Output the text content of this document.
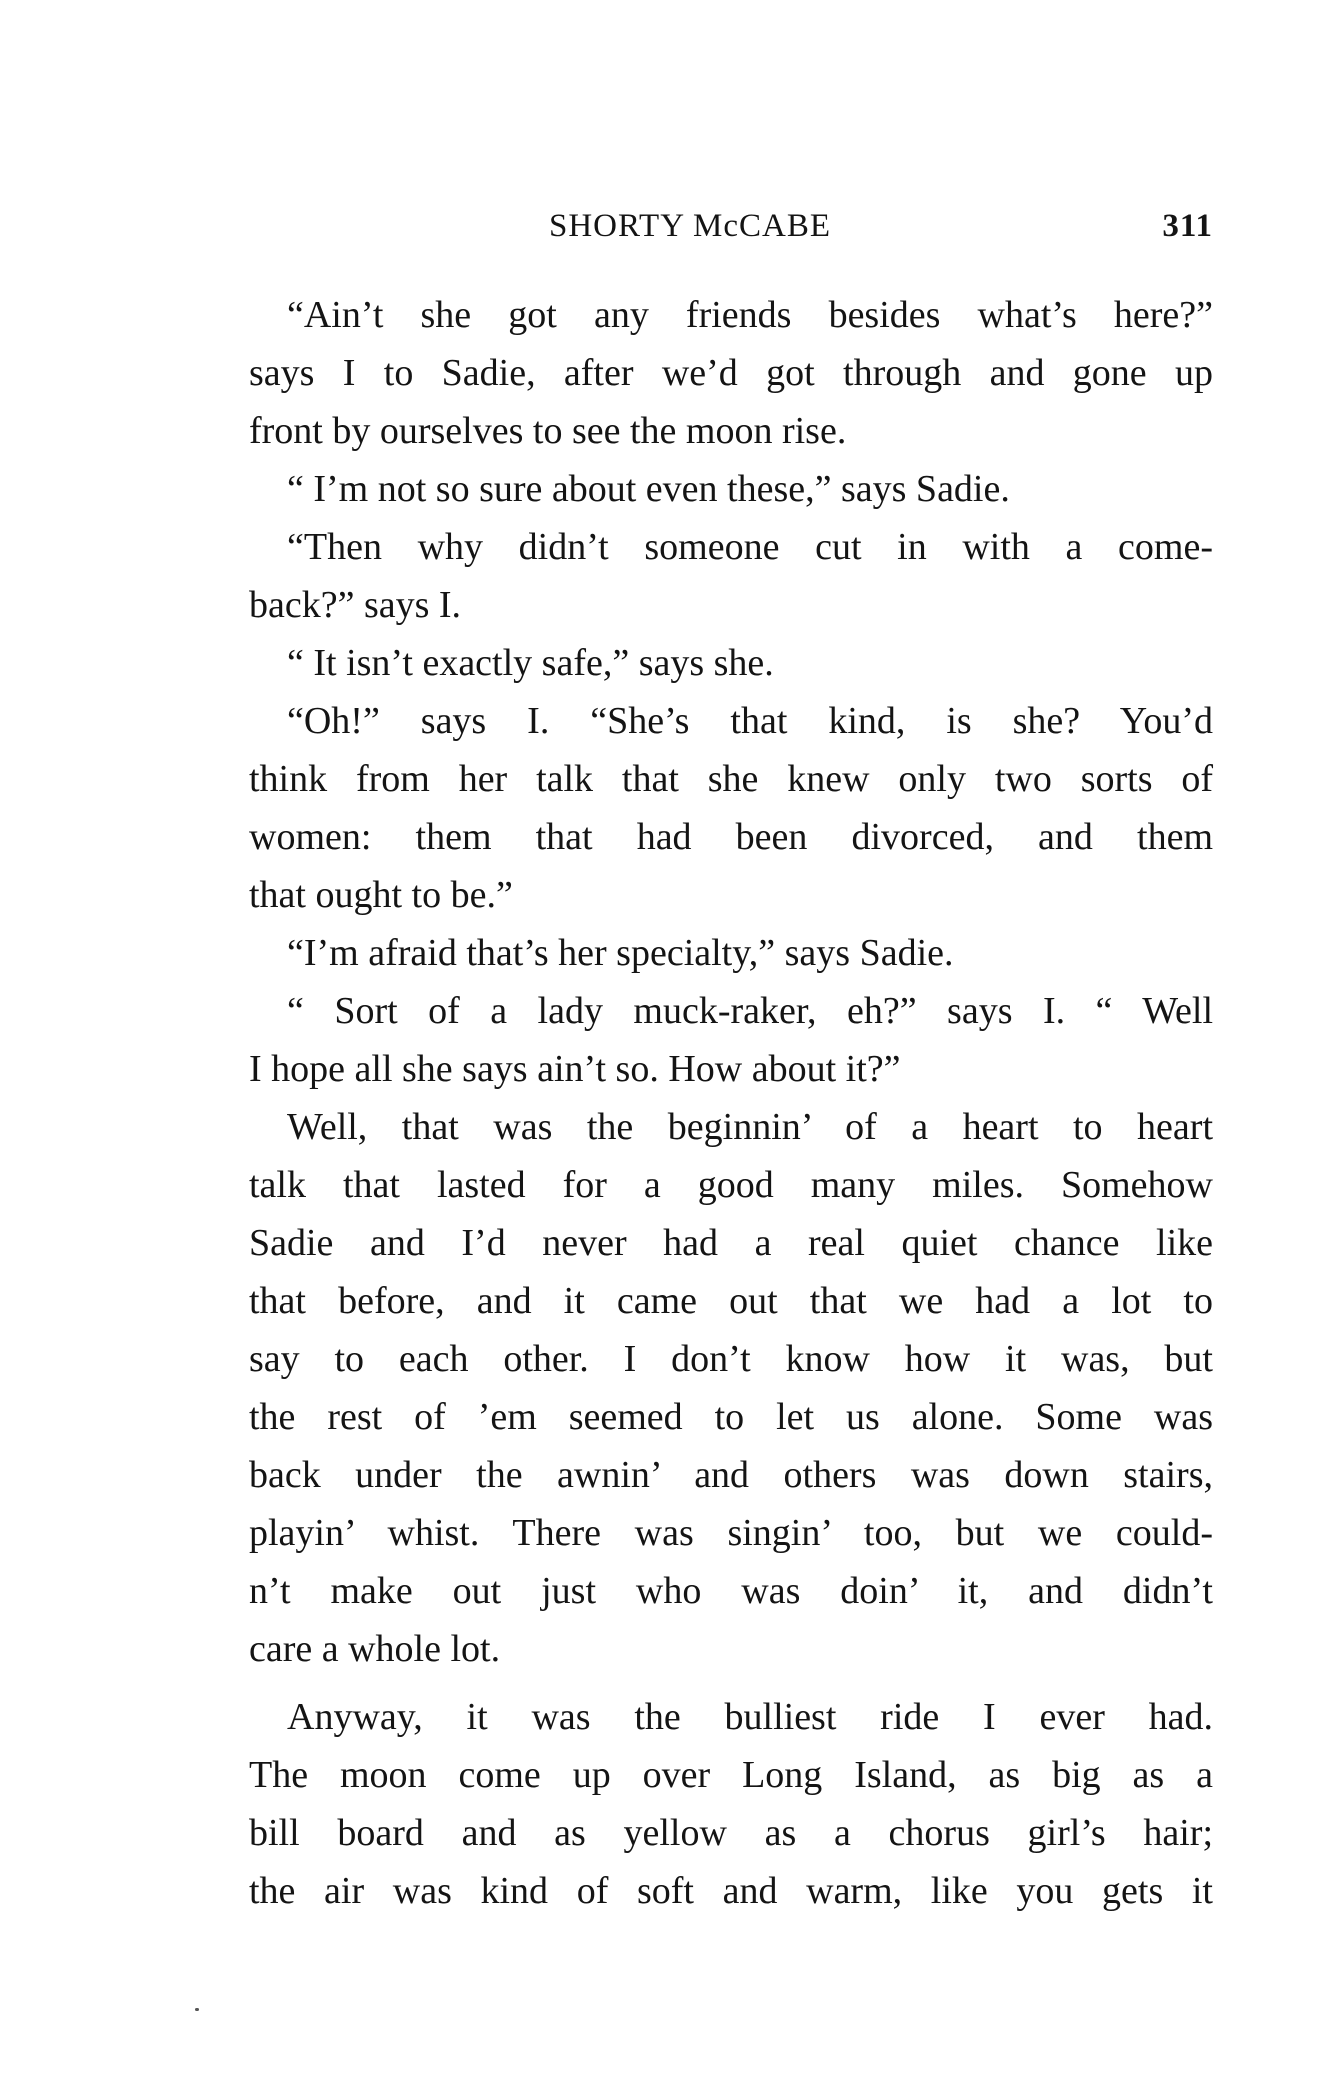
SHORTY McCABE	311
“Ain’t she got any friends besides what’s here?”
says I to Sadie, after we’d got through and gone up
front by ourselves to see the moon rise.
“ I’m not so sure about even these,” says Sadie.
“Then why didn’t someone cut in with a come-
back?” says I.
“ It isn’t exactly safe,” says she.
“Oh!” says I. “She’s that kind, is she? You’d
think from her talk that she knew only two sorts of
women: them that had been divorced, and them
that ought to be.”
“I’m afraid that’s her specialty,” says Sadie.
“ Sort of a lady muck-raker, eh?” says I. “ Well
I hope all she says ain’t so. How about it?”
Well, that was the beginnin’ of a heart to heart
talk that lasted for a good many miles. Somehow
Sadie and I’d never had a real quiet chance like
that before, and it came out that we had a lot to
say to each other. I don’t know how it was, but
the rest of ’em seemed to let us alone. Some was
back under the awnin’ and others was down stairs,
playin’ whist. There was singin’ too, but we could-
n’t make out just who was doin’ it, and didn’t
care a whole lot.
Anyway, it was the bulliest ride I ever had.
The moon come up over Long Island, as big as a
bill board and as yellow as a chorus girl’s hair;
the air was kind of soft and warm, like you gets it
